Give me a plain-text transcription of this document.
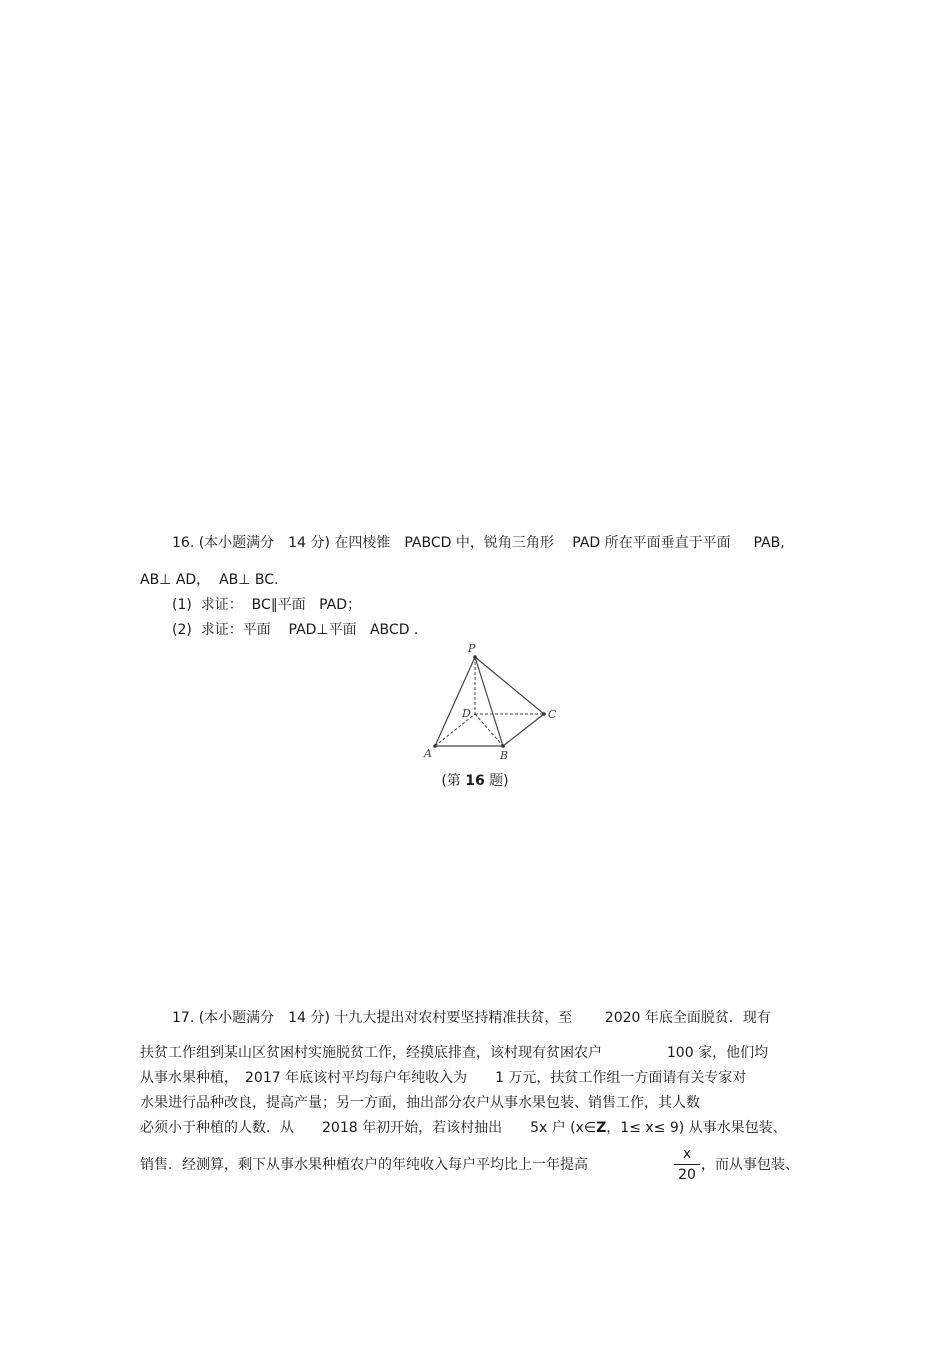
16. (本小题满分　14 分) 在四棱锥　PABCD 中，锐角三角形　 PAD 所在平面垂直于平面 　 PAB,
AB⊥ AD，  AB⊥ BC.
(1)  求证：  BC∥平面   PAD；
(2)  求证：平面    PAD⊥平面   ABCD .
P
D	C
A	B
(第 16 题)
17. (本小题满分　14 分) 十九大提出对农村要坚持精准扶贫，至　　 2020 年底全面脱贫．现有
扶贫工作组到某山区贫困村实施脱贫工作，经摸底排查，该村现有贫困农户　　　　  100 家，他们均
从事水果种植，　2017 年底该村平均每户年纯收入为　　1 万元，扶贫工作组一方面请有关专家对
水果进行品种改良，提高产量；另一方面，抽出部分农户从事水果包装、销售工作，其人数
必须小于种植的人数．从　　2018 年初开始，若该村抽出　　5x 户 (x∈Z，1≤ x≤ 9) 从事水果包装、
销售．经测算，剩下从事水果种植农户的年纯收入每户平均比上一年提高
x
20
，而从事包装、
